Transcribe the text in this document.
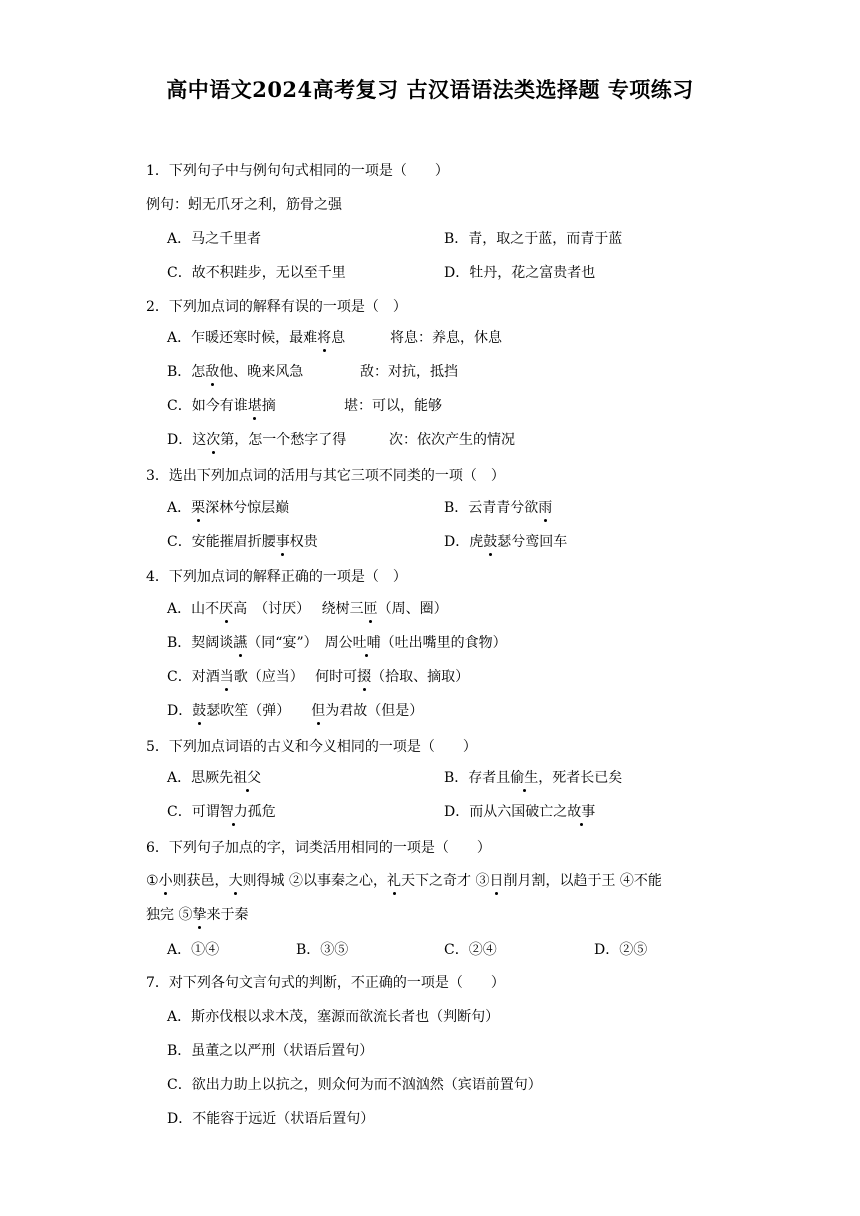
高中语文2024高考复习 古汉语语法类选择题 专项练习
1．下列句子中与例句句式相同的一项是（　　）
例句：蚓无爪牙之利，筋骨之强
A．马之千里者	B．青，取之于蓝，而青于蓝
C．故不积跬步，无以至千里	D．牡丹，花之富贵者也
2．下列加点词的解释有误的一项是（　）
A．乍暖还寒时候，最难将息	将息：养息，休息
B．怎敌他、晚来风急	敌：对抗，抵挡
C．如今有谁堪摘	堪：可以，能够
D．这次第，怎一个愁字了得	次：依次产生的情况
3．选出下列加点词的活用与其它三项不同类的一项（　）
A．栗深林兮惊层巅	B．云青青兮欲雨
C．安能摧眉折腰事权贵	D．虎鼓瑟兮鸾回车
4．下列加点词的解释正确的一项是（　）
A．山不厌高　（讨厌）　 绕树三匝（周、圈）
B．契阔谈讌（同“宴”）　周公吐哺（吐出嘴里的食物）
C．对酒当歌（应当）　 何时可掇（拾取、摘取）
D．鼓瑟吹笙（弹）　　但为君故（但是）
5．下列加点词语的古义和今义相同的一项是（　　）
A．思厥先祖父	B．存者且偷生，死者长已矣
C．可谓智力孤危	D．而从六国破亡之故事
6．下列句子加点的字，词类活用相同的一项是（　　）
①小则获邑，大则得城 ②以事秦之心，礼天下之奇才 ③日削月割，以趋于王 ④不能
独完 ⑤挚来于秦
A．①④	B．③⑤	C．②④	D．②⑤
7．对下列各句文言句式的判断，不正确的一项是（　　）
A．斯亦伐根以求木茂，塞源而欲流长者也（判断句）
B．虽董之以严刑（状语后置句）
C．欲出力助上以抗之，则众何为而不汹汹然（宾语前置句）
D．不能容于远近（状语后置句）
